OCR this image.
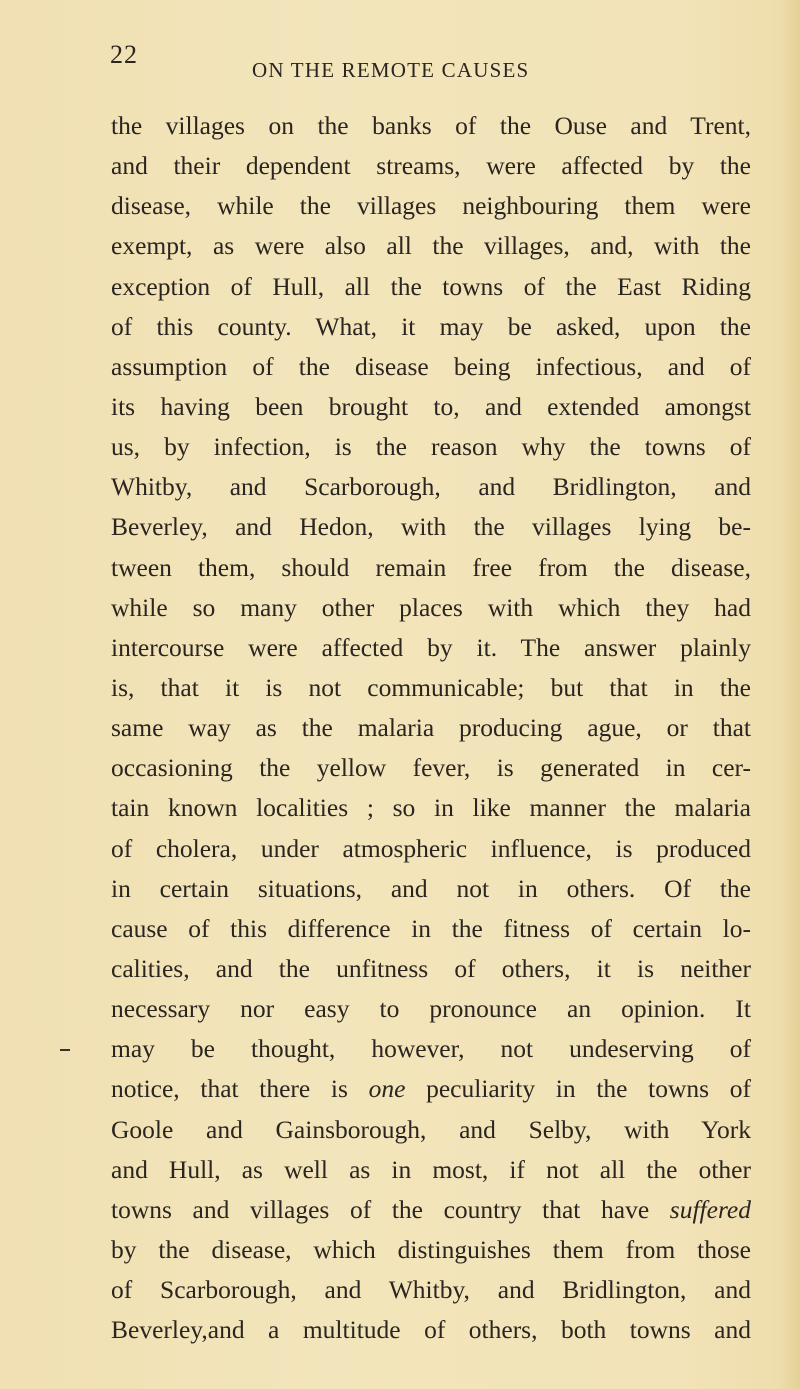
22
ON THE REMOTE CAUSES
the villages on the banks of the Ouse and Trent,
and their dependent streams, were affected by the
disease, while the villages neighbouring them were
exempt, as were also all the villages, and, with the
exception of Hull, all the towns of the East Riding
of this county. What, it may be asked, upon the
assumption of the disease being infectious, and of
its having been brought to, and extended amongst
us, by infection, is the reason why the towns of
Whitby, and Scarborough, and Bridlington, and
Beverley, and Hedon, with the villages lying be-
tween them, should remain free from the disease,
while so many other places with which they had
intercourse were affected by it. The answer plainly
is, that it is not communicable; but that in the
same way as the malaria producing ague, or that
occasioning the yellow fever, is generated in cer-
tain known localities ; so in like manner the malaria
of cholera, under atmospheric influence, is produced
in certain situations, and not in others. Of the
cause of this difference in the fitness of certain lo-
calities, and the unfitness of others, it is neither
necessary nor easy to pronounce an opinion. It
may be thought, however, not undeserving of
notice, that there is one peculiarity in the towns of
Goole and Gainsborough, and Selby, with York
and Hull, as well as in most, if not all the other
towns and villages of the country that have suffered
by the disease, which distinguishes them from those
of Scarborough, and Whitby, and Bridlington, and
Beverley,and a multitude of others, both towns and
